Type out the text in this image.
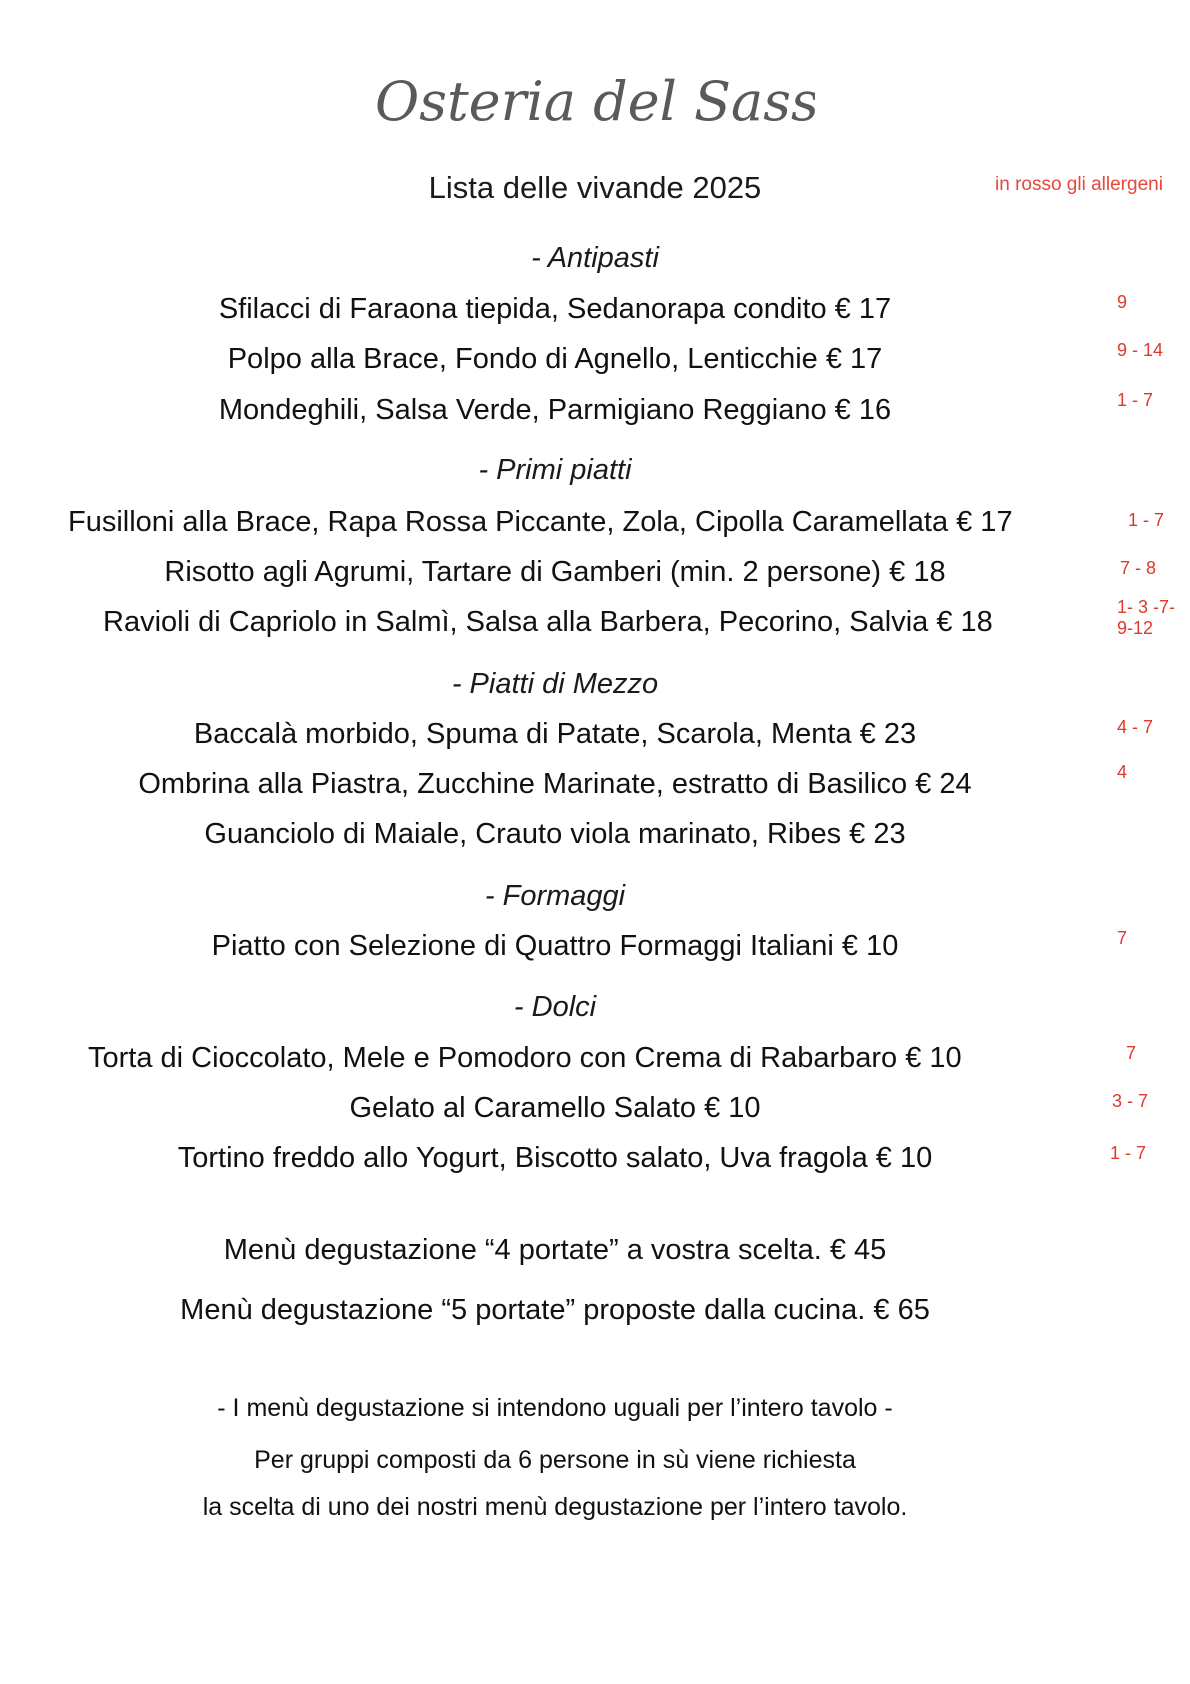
Osteria del Sass
Lista delle vivande 2025	in rosso gli allergeni
- Antipasti
Sfilacci di Faraona tiepida, Sedanorapa condito € 17	9
Polpo alla Brace, Fondo di Agnello, Lenticchie € 17	9 - 14
Mondeghili, Salsa Verde, Parmigiano Reggiano € 16	1 - 7
- Primi piatti
Fusilloni alla Brace, Rapa Rossa Piccante, Zola, Cipolla Caramellata € 17	1 - 7
Risotto agli Agrumi, Tartare di Gamberi (min. 2 persone) € 18	7 - 8
Ravioli di Capriolo in Salmì, Salsa alla Barbera, Pecorino, Salvia € 18	1- 3 -7-
9-12
- Piatti di Mezzo
Baccalà morbido, Spuma di Patate, Scarola, Menta € 23	4 - 7
Ombrina alla Piastra, Zucchine Marinate, estratto di Basilico € 24	4
Guanciolo di Maiale, Crauto viola marinato, Ribes € 23
- Formaggi
Piatto con Selezione di Quattro Formaggi Italiani € 10	7
- Dolci
Torta di Cioccolato, Mele e Pomodoro con Crema di Rabarbaro € 10	7
Gelato al Caramello Salato € 10	3 - 7
Tortino freddo allo Yogurt, Biscotto salato, Uva fragola € 10	1 - 7
Menù degustazione “4 portate” a vostra scelta. € 45
Menù degustazione “5 portate” proposte dalla cucina. € 65
- I menù degustazione si intendono uguali per l’intero tavolo -
Per gruppi composti da 6 persone in sù viene richiesta
la scelta di uno dei nostri menù degustazione per l’intero tavolo.
